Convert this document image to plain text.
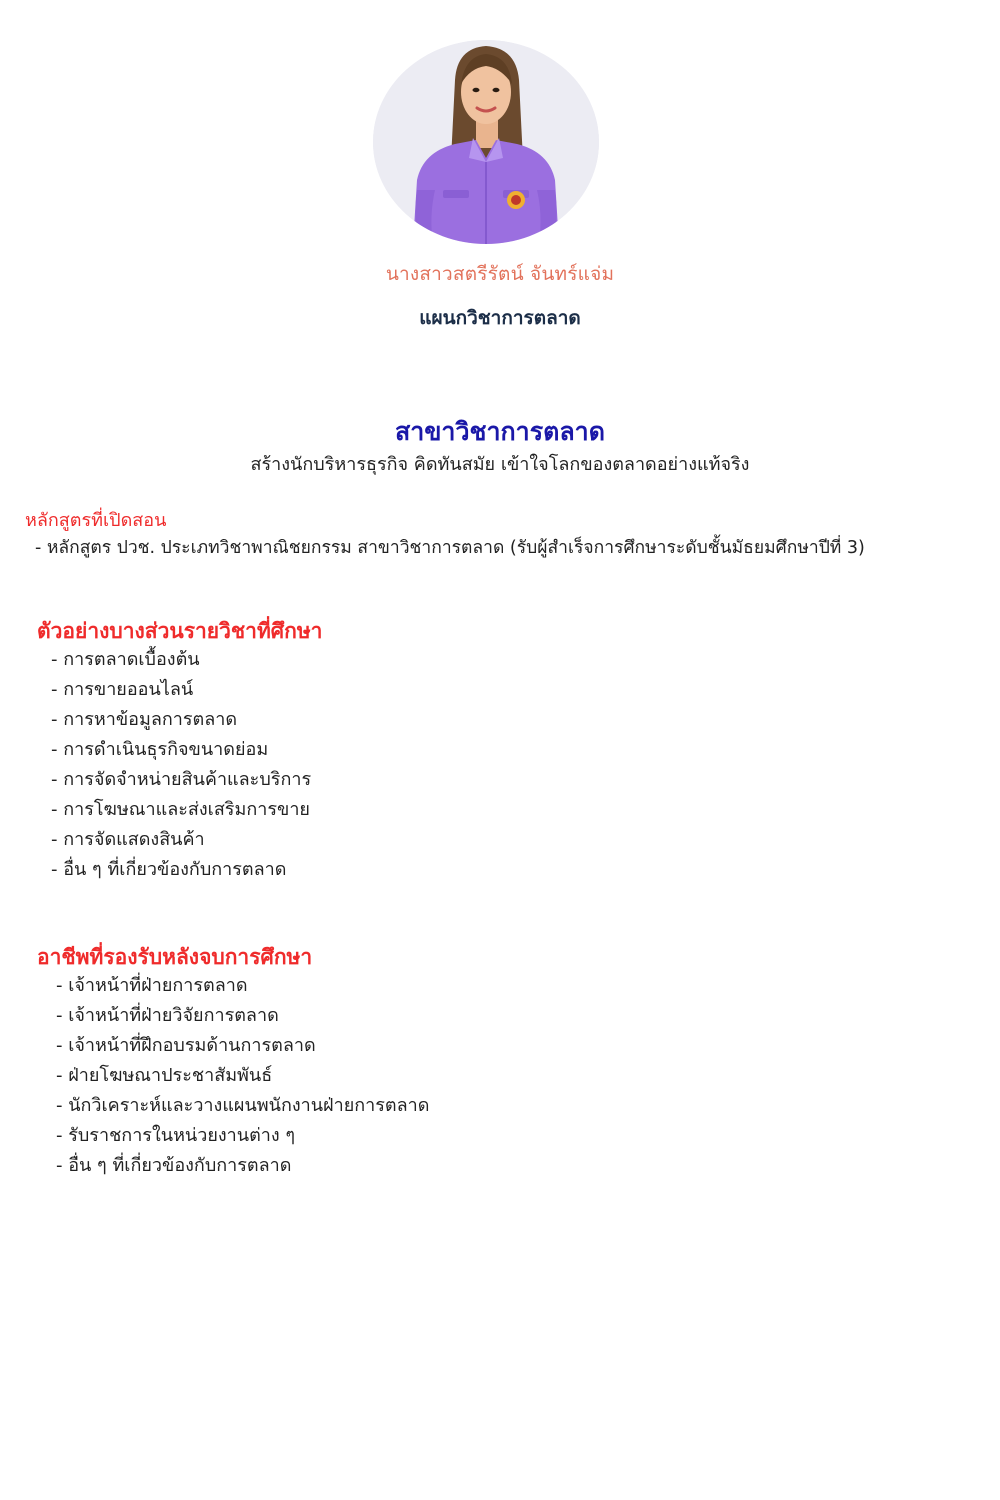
นางสาวสตรีรัตน์ จันทร์แจ่ม
แผนกวิชาการตลาด
สาขาวิชาการตลาด
สร้างนักบริหารธุรกิจ คิดทันสมัย เข้าใจโลกของตลาดอย่างแท้จริง
หลักสูตรที่เปิดสอน
- หลักสูตร ปวช. ประเภทวิชาพาณิชยกรรม สาขาวิชาการตลาด (รับผู้สำเร็จการศึกษาระดับชั้นมัธยมศึกษาปีที่ 3)
ตัวอย่างบางส่วนรายวิชาที่ศึกษา
- การตลาดเบื้องต้น
- การขายออนไลน์
- การหาข้อมูลการตลาด
- การดำเนินธุรกิจขนาดย่อม
- การจัดจำหน่ายสินค้าและบริการ
- การโฆษณาและส่งเสริมการขาย
- การจัดแสดงสินค้า
- อื่น ๆ ที่เกี่ยวข้องกับการตลาด
อาชีพที่รองรับหลังจบการศึกษา
- เจ้าหน้าที่ฝ่ายการตลาด
- เจ้าหน้าที่ฝ่ายวิจัยการตลาด
- เจ้าหน้าที่ฝึกอบรมด้านการตลาด
- ฝ่ายโฆษณาประชาสัมพันธ์
- นักวิเคราะห์และวางแผนพนักงานฝ่ายการตลาด
- รับราชการในหน่วยงานต่าง ๆ
- อื่น ๆ ที่เกี่ยวข้องกับการตลาด
